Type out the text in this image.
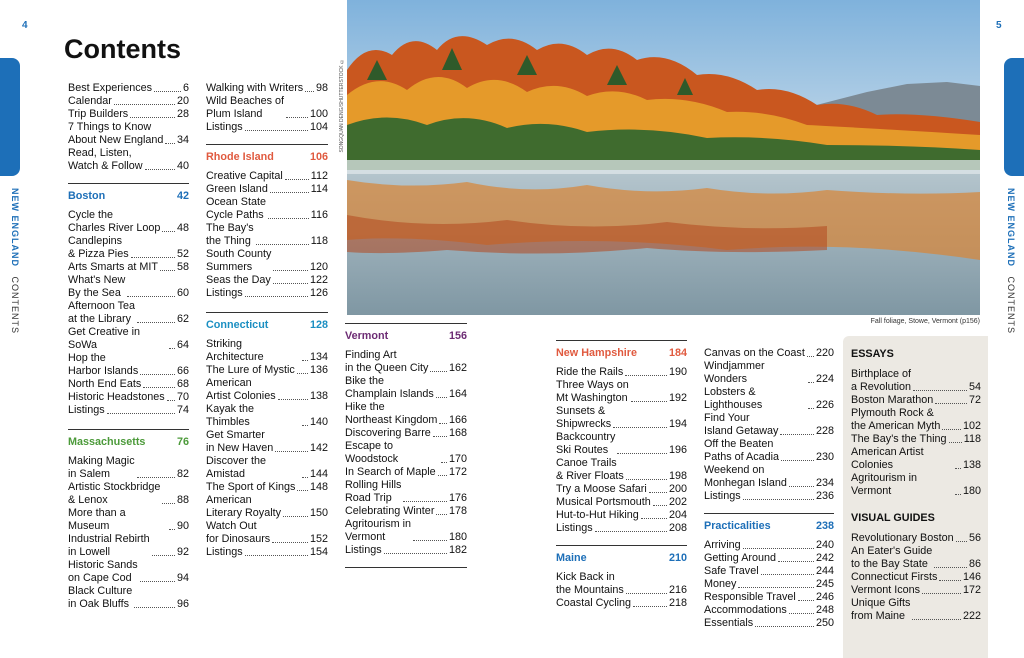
4	5
NEW ENGLAND CONTENTS
NEW ENGLAND CONTENTS
Contents
Best Experiences	6
Calendar	20
Trip Builders	28
7 Things to Know
About New England 34
Read, Listen,
Watch & Follow	40
Boston	42
Cycle the
Charles River Loop 48
Candlepins
& Pizza Pies	52
Arts Smarts at MIT 58
What's New
By the Sea	60
Afternoon Tea
at the Library	62
Get Creative in SoWa	64
Hop the
Harbor Islands	66
North End Eats	68
Historic Headstones 70
Listings	74
Massachusetts	76
Making Magic
in Salem	82
Artistic Stockbridge
& Lenox	88
More than a Museum	90
Industrial Rebirth
in Lowell	92
Historic Sands
on Cape Cod	94
Black Culture
in Oak Bluffs	96
Walking with Writers 98
Wild Beaches of
Plum Island	100
Listings	104
Rhode Island	106
Creative Capital	112
Green Island	114
Ocean State
Cycle Paths	116
The Bay's
the Thing	118
South County
Summers	120
Seas the Day	122
Listings	126
Connecticut	128
Striking Architecture	134
The Lure of Mystic 136
American
Artist Colonies	138
Kayak the Thimbles	140
Get Smarter
in New Haven	142
Discover the Amistad	144
The Sport of Kings 148
American
Literary Royalty	150
Watch Out
for Dinosaurs	152
Listings	154
SONGQUAN DENG/SHUTTERSTOCK ©
Fall foliage, Stowe, Vermont (p156)
Vermont	156
Finding Art
in the Queen City 162
Bike the
Champlain Islands 164
Hike the
Northeast Kingdom 166
Discovering Barre 168
Escape to Woodstock	170
In Search of Maple 172
Rolling Hills
Road Trip	176
Celebrating Winter 178
Agritourism in
Vermont	180
Listings	182
New Hampshire	184
Ride the Rails	190
Three Ways on
Mt Washington	192
Sunsets &
Shipwrecks	194
Backcountry
Ski Routes	196
Canoe Trails
& River Floats	198
Try a Moose Safari 200
Musical Portsmouth 202
Hut-to-Hut Hiking	204
Listings	208
Maine	210
Kick Back in
the Mountains	216
Coastal Cycling	218
Canvas on the Coast 220
Windjammer Wonders	224
Lobsters & Lighthouses	226
Find Your
Island Getaway	228
Off the Beaten
Paths of Acadia	230
Weekend on
Monhegan Island	234
Listings	236
Practicalities	238
Arriving	240
Getting Around	242
Safe Travel	244
Money	245
Responsible Travel 246
Accommodations	248
Essentials	250
ESSAYS
Birthplace of
a Revolution	54
Boston Marathon	72
Plymouth Rock &
the American Myth 102
The Bay's the Thing 118
American Artist Colonies	138
Agritourism in Vermont	180
VISUAL GUIDES
Revolutionary Boston 56
An Eater's Guide
to the Bay State	86
Connecticut Firsts 146
Vermont Icons	172
Unique Gifts
from Maine	222
